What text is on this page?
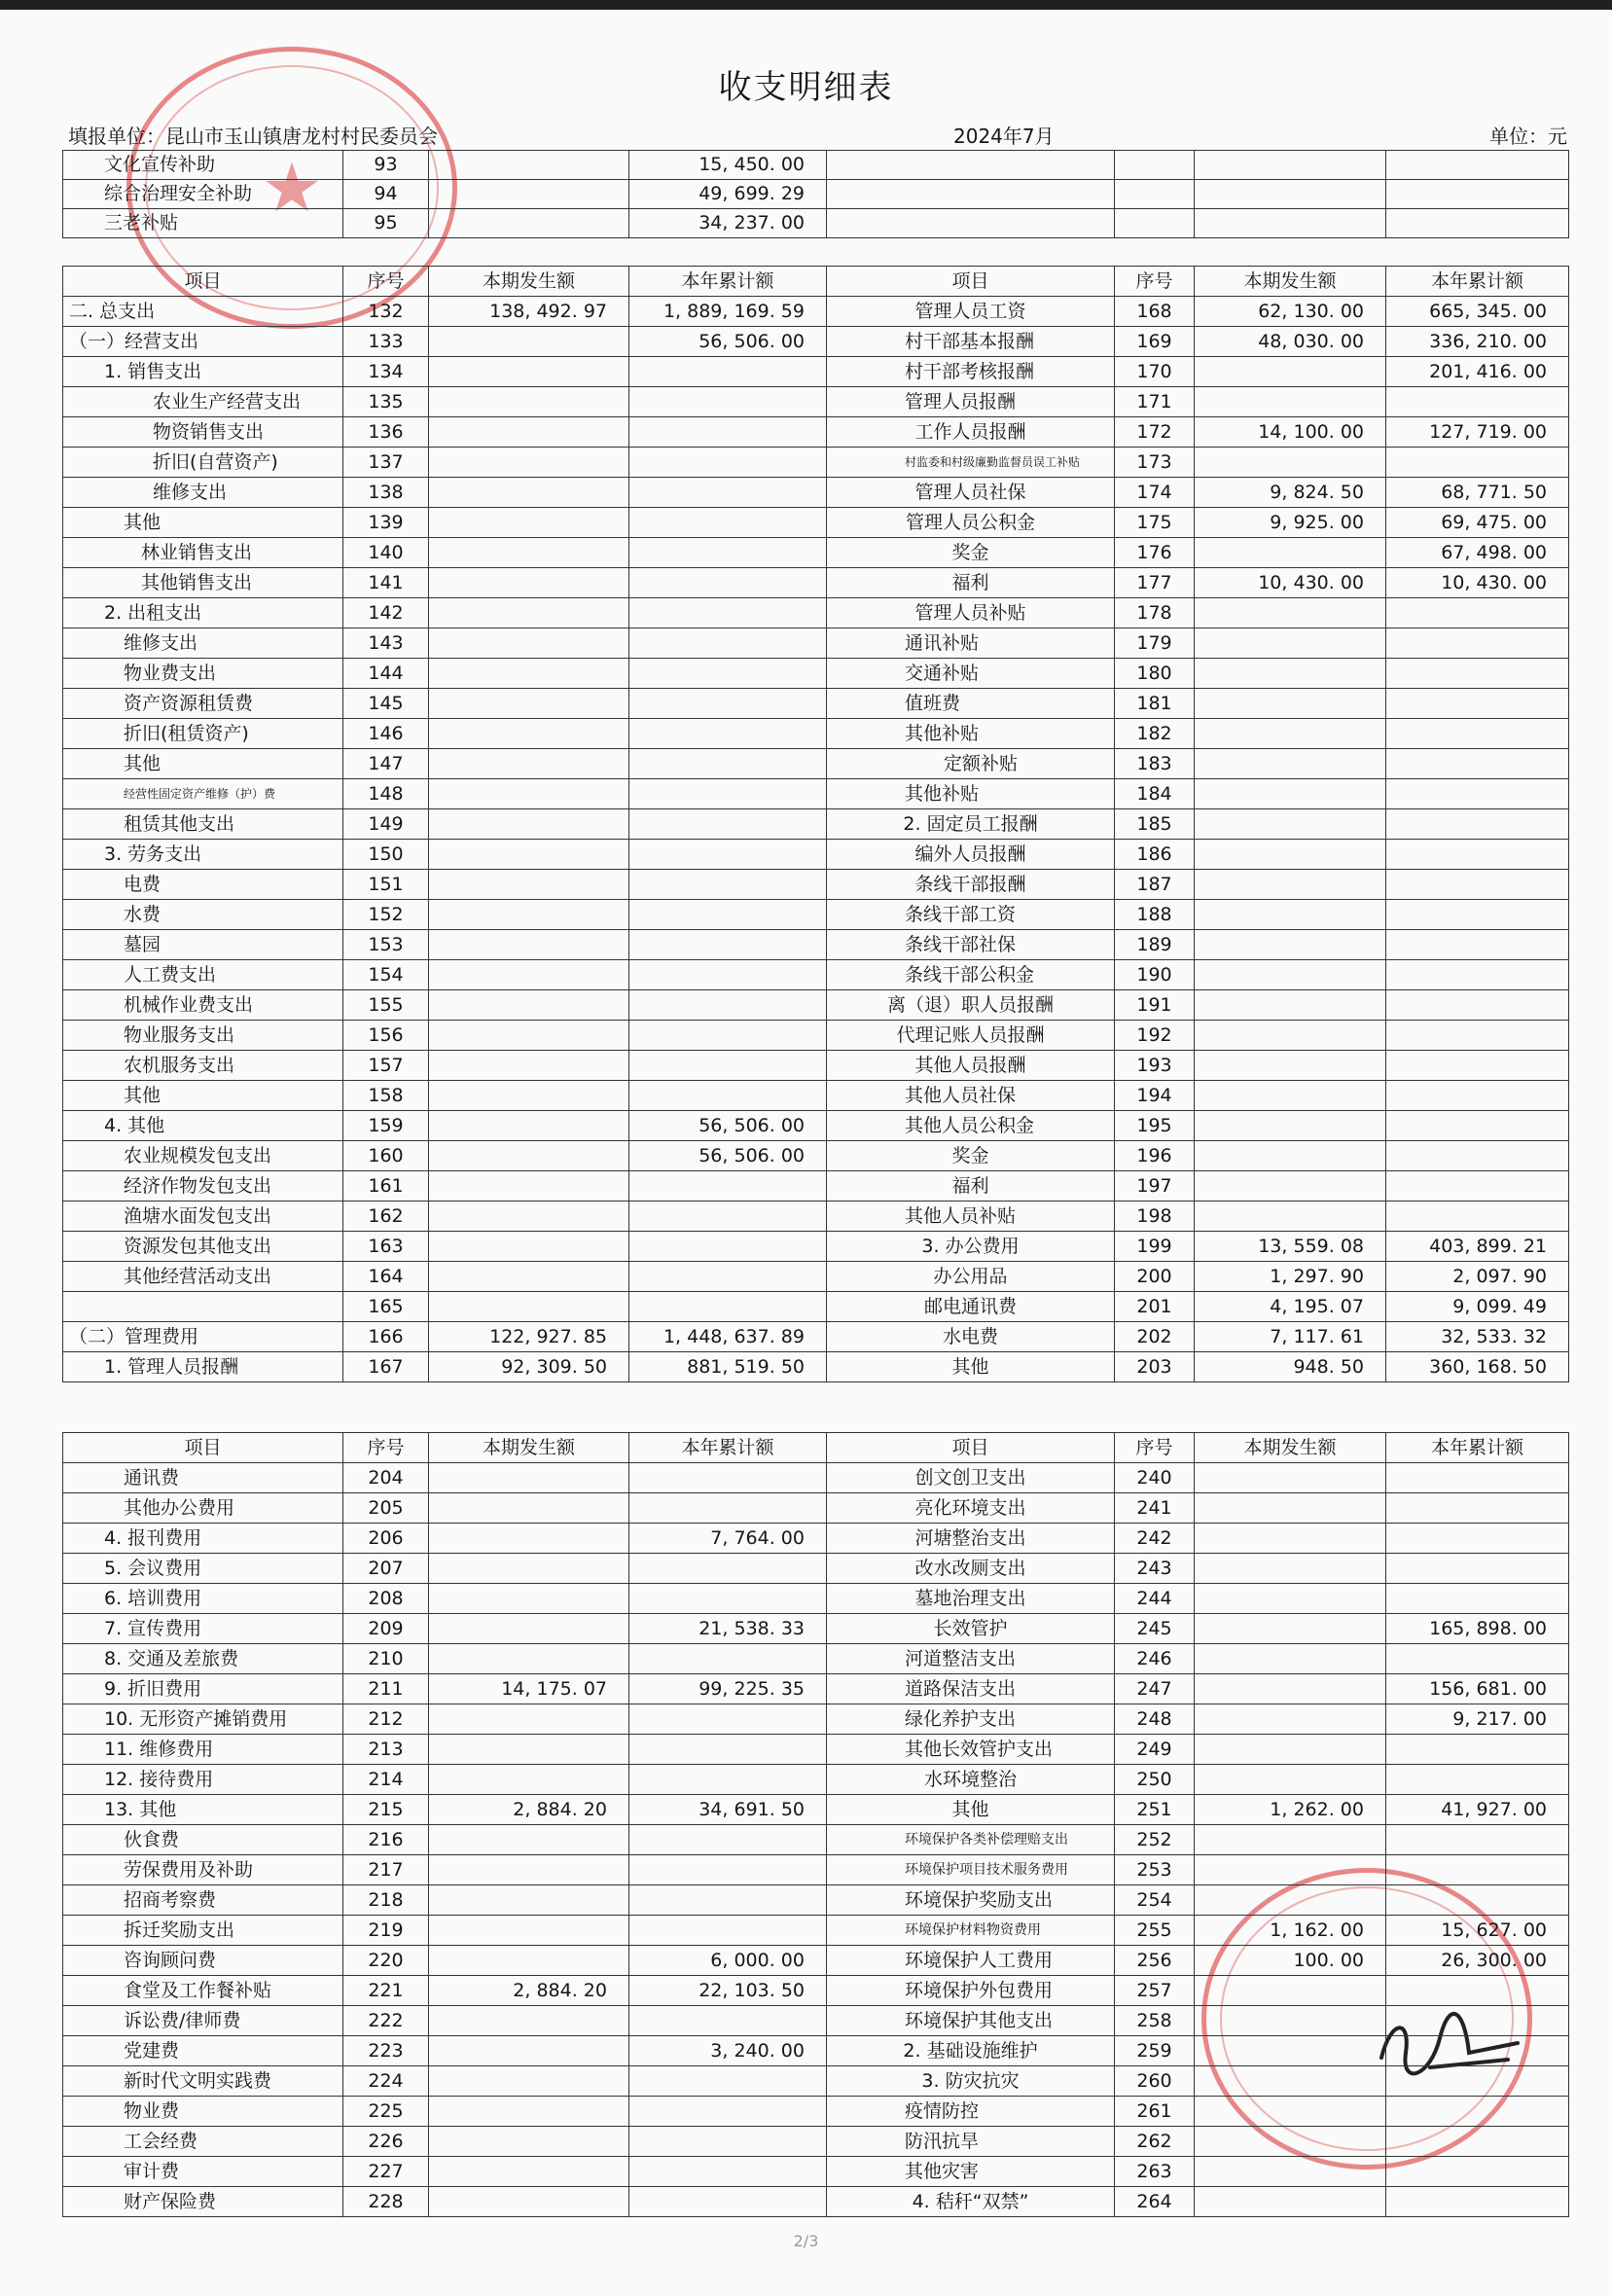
★
收支明细表
填报单位：昆山市玉山镇唐龙村村民委员会	2024年7月	单位：元
文化宣传补助	93		15, 450. 00				
综合治理安全补助	94		49, 699. 29				
三老补贴	95		34, 237. 00				
项目	序号	本期发生额	本年累计额	项目	序号	本期发生额	本年累计额
二. 总支出	132	138, 492. 97	1, 889, 169. 59	管理人员工资	168	62, 130. 00	665, 345. 00
（一）经营支出	133		56, 506. 00	村干部基本报酬	169	48, 030. 00	336, 210. 00
1. 销售支出	134			村干部考核报酬	170		201, 416. 00
农业生产经营支出	135			管理人员报酬	171		
物资销售支出	136			工作人员报酬	172	14, 100. 00	127, 719. 00
折旧(自营资产)	137			村监委和村级廉勤监督员误工补贴	173		
维修支出	138			管理人员社保	174	9, 824. 50	68, 771. 50
其他	139			管理人员公积金	175	9, 925. 00	69, 475. 00
林业销售支出	140			奖金	176		67, 498. 00
其他销售支出	141			福利	177	10, 430. 00	10, 430. 00
2. 出租支出	142			管理人员补贴	178		
维修支出	143			通讯补贴	179		
物业费支出	144			交通补贴	180		
资产资源租赁费	145			值班费	181		
折旧(租赁资产)	146			其他补贴	182		
其他	147			定额补贴	183		
经营性固定资产维修（护）费	148			其他补贴	184		
租赁其他支出	149			2. 固定员工报酬	185		
3. 劳务支出	150			编外人员报酬	186		
电费	151			条线干部报酬	187		
水费	152			条线干部工资	188		
墓园	153			条线干部社保	189		
人工费支出	154			条线干部公积金	190		
机械作业费支出	155			离（退）职人员报酬	191		
物业服务支出	156			代理记账人员报酬	192		
农机服务支出	157			其他人员报酬	193		
其他	158			其他人员社保	194		
4. 其他	159		56, 506. 00	其他人员公积金	195		
农业规模发包支出	160		56, 506. 00	奖金	196		
经济作物发包支出	161			福利	197		
渔塘水面发包支出	162			其他人员补贴	198		
资源发包其他支出	163			3. 办公费用	199	13, 559. 08	403, 899. 21
其他经营活动支出	164			办公用品	200	1, 297. 90	2, 097. 90
	165			邮电通讯费	201	4, 195. 07	9, 099. 49
（二）管理费用	166	122, 927. 85	1, 448, 637. 89	水电费	202	7, 117. 61	32, 533. 32
1. 管理人员报酬	167	92, 309. 50	881, 519. 50	其他	203	948. 50	360, 168. 50
项目	序号	本期发生额	本年累计额	项目	序号	本期发生额	本年累计额
通讯费	204			创文创卫支出	240		
其他办公费用	205			亮化环境支出	241		
4. 报刊费用	206		7, 764. 00	河塘整治支出	242		
5. 会议费用	207			改水改厕支出	243		
6. 培训费用	208			墓地治理支出	244		
7. 宣传费用	209		21, 538. 33	长效管护	245		165, 898. 00
8. 交通及差旅费	210			河道整洁支出	246		
9. 折旧费用	211	14, 175. 07	99, 225. 35	道路保洁支出	247		156, 681. 00
10. 无形资产摊销费用	212			绿化养护支出	248		9, 217. 00
11. 维修费用	213			其他长效管护支出	249		
12. 接待费用	214			水环境整治	250		
13. 其他	215	2, 884. 20	34, 691. 50	其他	251	1, 262. 00	41, 927. 00
伙食费	216			环境保护各类补偿理赔支出	252		
劳保费用及补助	217			环境保护项目技术服务费用	253		
招商考察费	218			环境保护奖励支出	254		
拆迁奖励支出	219			环境保护材料物资费用	255	1, 162. 00	15, 627. 00
咨询顾问费	220		6, 000. 00	环境保护人工费用	256	100. 00	26, 300. 00
食堂及工作餐补贴	221	2, 884. 20	22, 103. 50	环境保护外包费用	257		
诉讼费/律师费	222			环境保护其他支出	258		
党建费	223		3, 240. 00	2. 基础设施维护	259		
新时代文明实践费	224			3. 防灾抗灾	260		
物业费	225			疫情防控	261		
工会经费	226			防汛抗旱	262		
审计费	227			其他灾害	263		
财产保险费	228			4. 秸秆“双禁”	264		
2/3
